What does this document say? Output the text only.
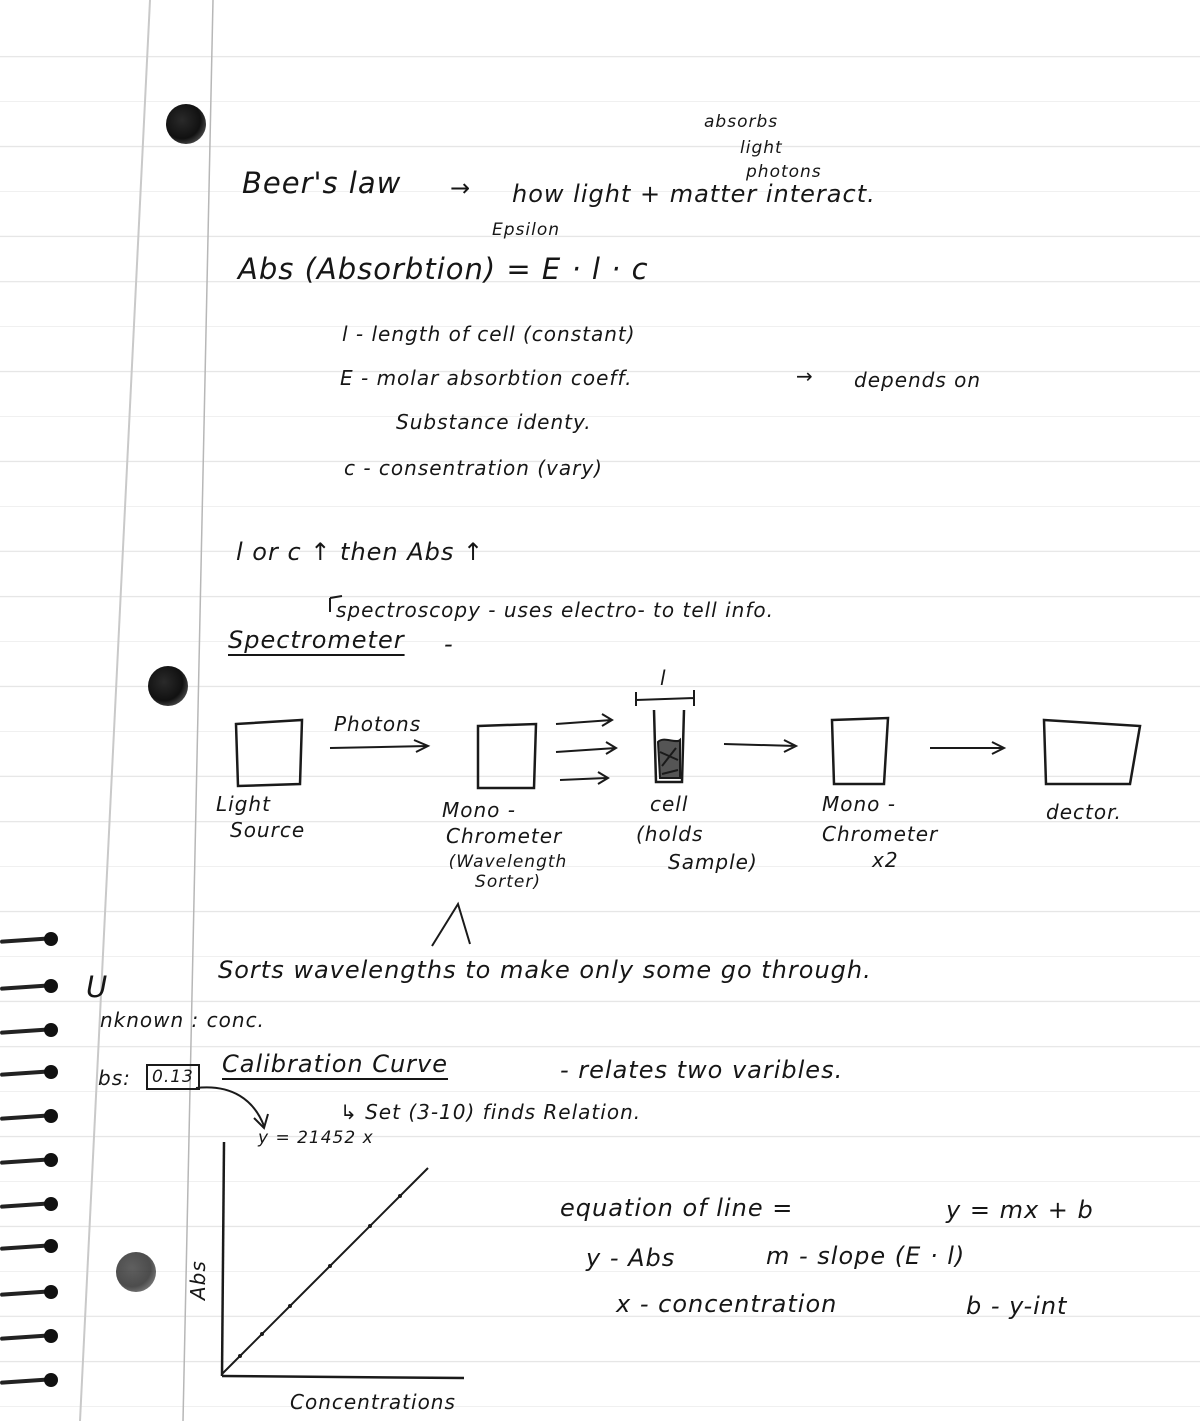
absorbs
light
photons
Beer's law → how light + matter interact.
Epsilon
Abs (Absorbtion) = E · l · c
l - length of cell (constant)
E - molar absorbtion coeff.	→ depends on
Substance identy.
c - consentration (vary)
l or c ↑ then Abs ↑
spectroscopy - uses electro- to tell info.
Spectrometer -
Photons
l
Light
Source
Mono -
Chrometer
(Wavelength Sorter)
cell
(holds
Sample)
Mono -
Chrometer
x2
dector.
Sorts wavelengths to make only some go through.
U
nknown : conc.
bs:	0.13 Calibration Curve	- relates two varibles.
↳ Set (3-10) finds Relation.
y = 21452 x
Abs
Concentrations
equation of line =	y = mx + b
y - Abs	m - slope (E · l)
x - concentration	b - y-int
